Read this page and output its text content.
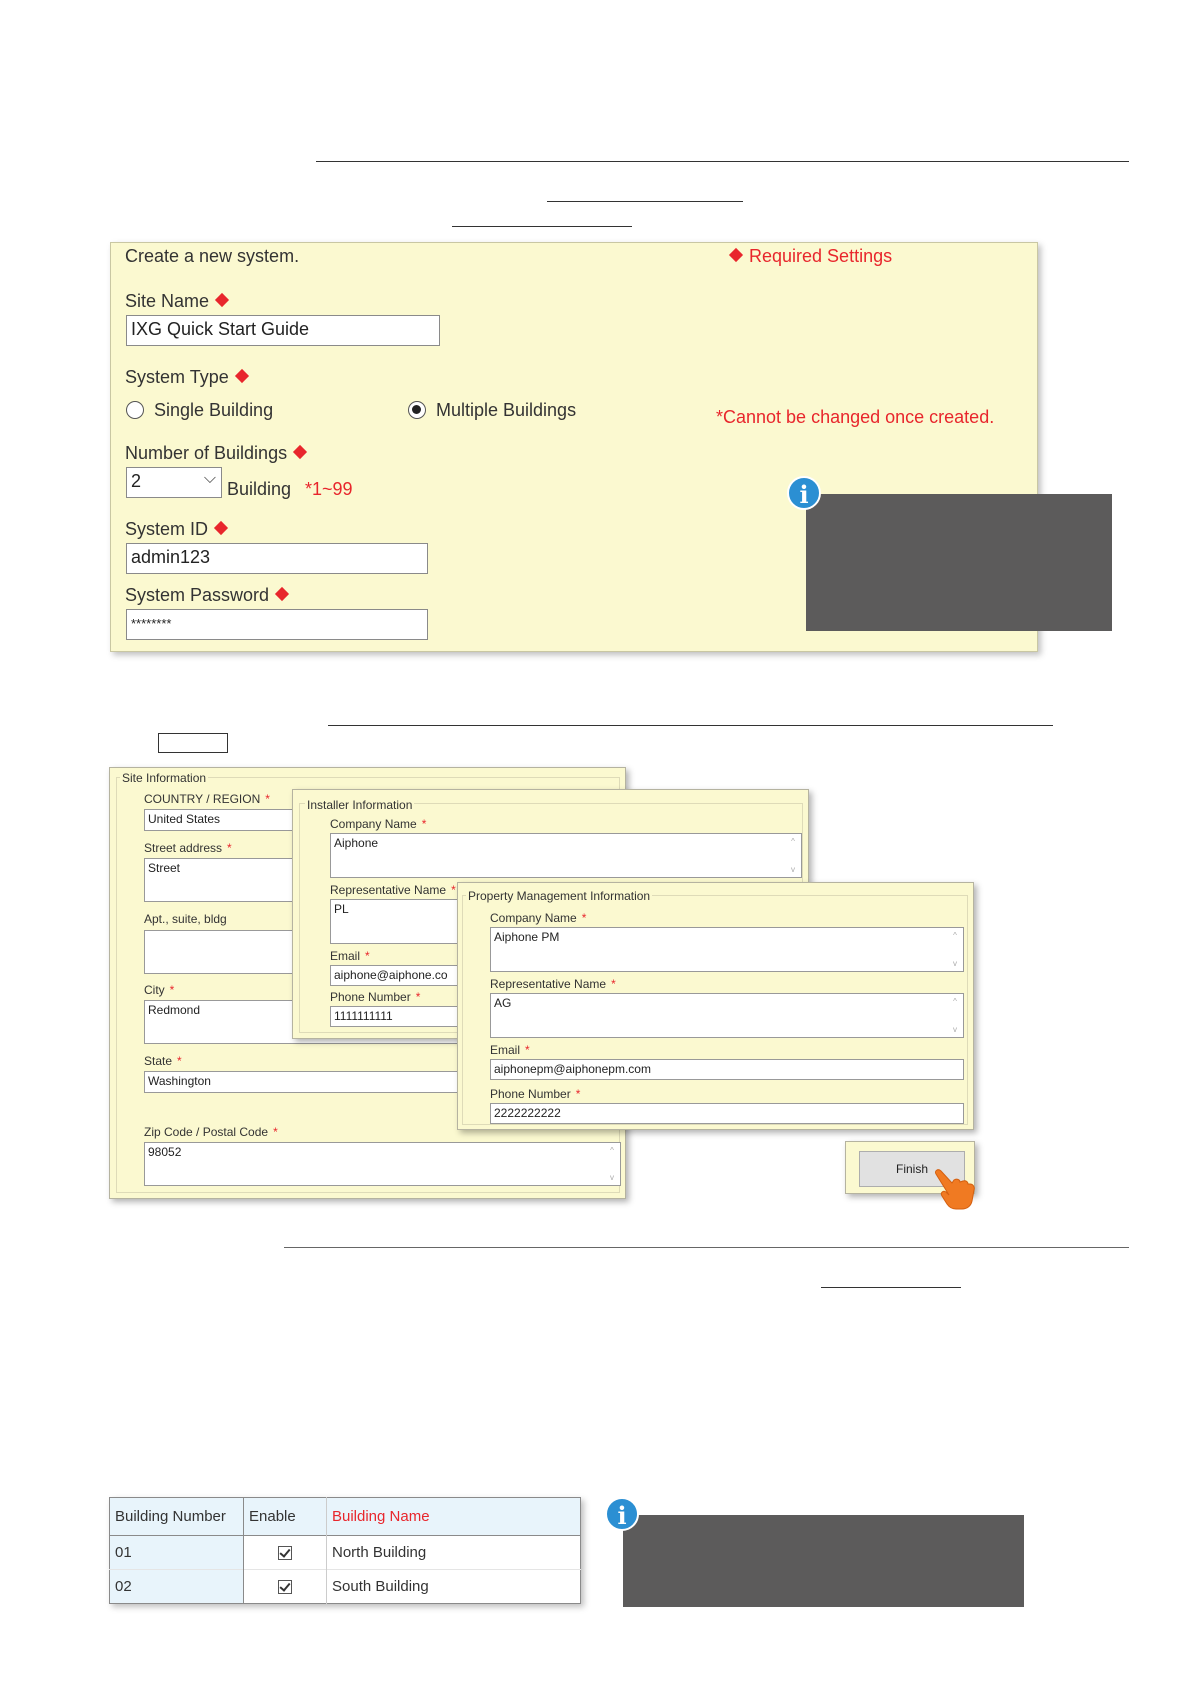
Create a new system.	Required Settings
Site Name
IXG Quick Start Guide
System Type
Single Building	Multiple Buildings	*Cannot be changed once created.
Number of Buildings
2	⌵
Building *1~99
System ID
admin123
System Password
********
i
Site Information
COUNTRY / REGION *
United States
Street address *
Street
Apt., suite, bldg
City *
Redmond
State *
Washington
Zip Code / Postal Code *
98052	^
v
Installer Information
Company Name *
Aiphone	^
v
Representative Name *
PL
Email *
aiphone@aiphone.co
Phone Number *
1111111111
Property Management Information
Company Name *
Aiphone PM	^
v
Representative Name *
AG	^
v
Email *
aiphonepm@aiphonepm.com
Phone Number *
2222222222
Finish
Building Number	Enable	Building Name
01		North Building
02		South Building
i
